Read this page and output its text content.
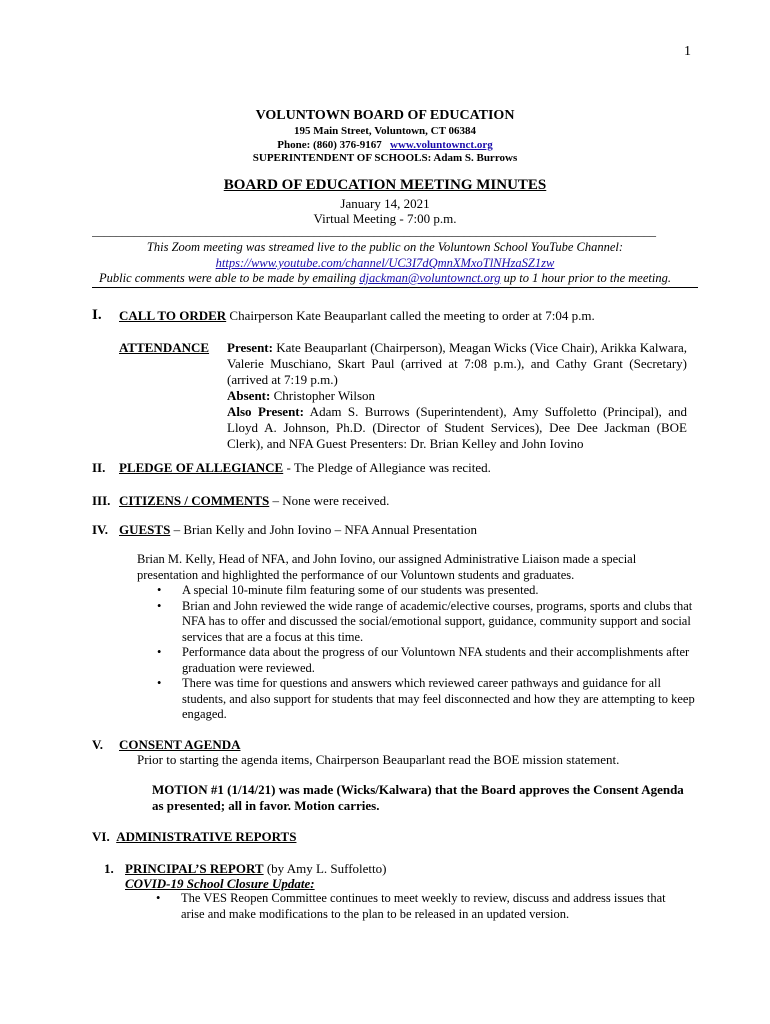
1
VOLUNTOWN BOARD OF EDUCATION
195 Main Street, Voluntown, CT 06384
Phone: (860) 376-9167 www.voluntownct.org
SUPERINTENDENT OF SCHOOLS: Adam S. Burrows
BOARD OF EDUCATION MEETING MINUTES
January 14, 2021
Virtual Meeting - 7:00 p.m.
______________________________________________________________________________________________
This Zoom meeting was streamed live to the public on the Voluntown School YouTube Channel:
https://www.youtube.com/channel/UC3I7dQmnXMxoTlNHzaSZ1zw
Public comments were able to be made by emailing djackman@voluntownct.org up to 1 hour prior to the meeting.
I. CALL TO ORDER Chairperson Kate Beauparlant called the meeting to order at 7:04 p.m.
ATTENDANCE Present: Kate Beauparlant (Chairperson), Meagan Wicks (Vice Chair), Arikka Kalwara, Valerie Muschiano, Skart Paul (arrived at 7:08 p.m.), and Cathy Grant (Secretary) (arrived at 7:19 p.m.)
Absent: Christopher Wilson
Also Present: Adam S. Burrows (Superintendent), Amy Suffoletto (Principal), and Lloyd A. Johnson, Ph.D. (Director of Student Services), Dee Dee Jackman (BOE Clerk), and NFA Guest Presenters: Dr. Brian Kelley and John Iovino
II. PLEDGE OF ALLEGIANCE - The Pledge of Allegiance was recited.
III. CITIZENS / COMMENTS – None were received.
IV. GUESTS – Brian Kelly and John Iovino – NFA Annual Presentation
Brian M. Kelly, Head of NFA, and John Iovino, our assigned Administrative Liaison made a special presentation and highlighted the performance of our Voluntown students and graduates.
• A special 10-minute film featuring some of our students was presented.
• Brian and John reviewed the wide range of academic/elective courses, programs, sports and clubs that NFA has to offer and discussed the social/emotional support, guidance, community support and social services that are a focus at this time.
• Performance data about the progress of our Voluntown NFA students and their accomplishments after graduation were reviewed.
• There was time for questions and answers which reviewed career pathways and guidance for all students, and also support for students that may feel disconnected and how they are attempting to keep engaged.
V. CONSENT AGENDA
Prior to starting the agenda items, Chairperson Beauparlant read the BOE mission statement.
MOTION #1 (1/14/21) was made (Wicks/Kalwara) that the Board approves the Consent Agenda as presented; all in favor. Motion carries.
VI. ADMINISTRATIVE REPORTS
1. PRINCIPAL’S REPORT (by Amy L. Suffoletto)
COVID-19 School Closure Update:
• The VES Reopen Committee continues to meet weekly to review, discuss and address issues that arise and make modifications to the plan to be released in an updated version.
